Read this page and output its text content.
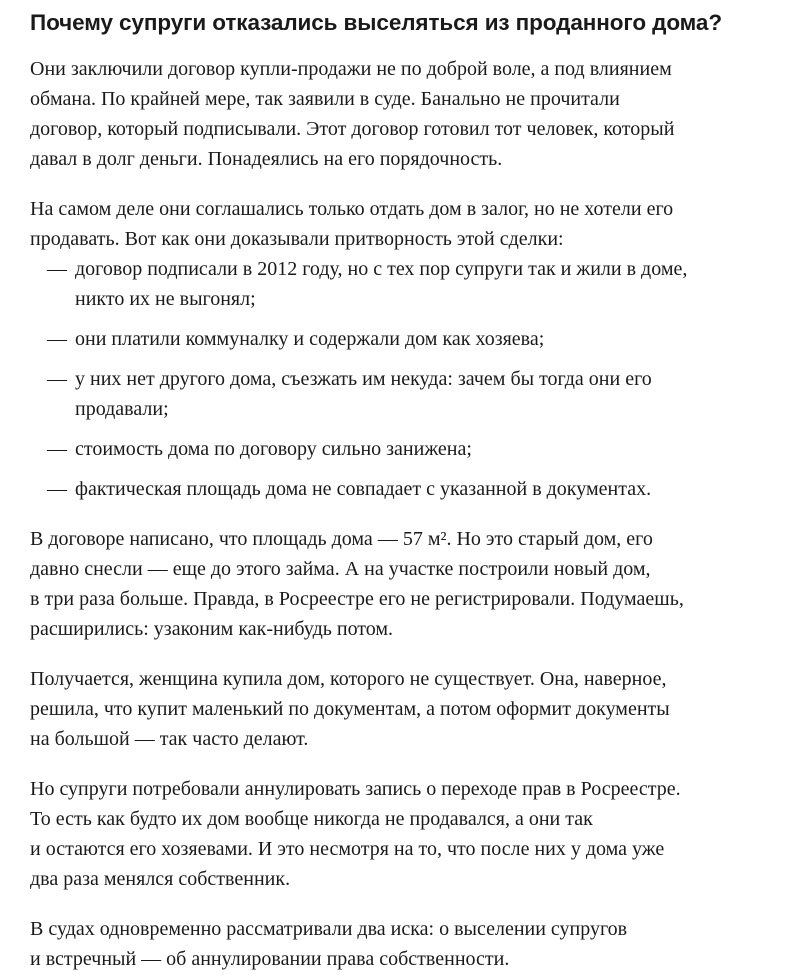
Почему супруги отказались выселяться из проданного дома?

Они заключили договор купли-продажи не по доброй воле, а под влиянием
обмана. По крайней мере, так заявили в суде. Банально не прочитали
договор, который подписывали. Этот договор готовил тот человек, который
давал в долг деньги. Понадеялись на его порядочность.

На самом деле они соглашались только отдать дом в залог, но не хотели его
продавать. Вот как они доказывали притворность этой сделки:

— договор подписали в 2012 году, но с тех пор супруги так и жили в доме,
никто их не выгонял;
— они платили коммуналку и содержали дом как хозяева;
— у них нет другого дома, съезжать им некуда: зачем бы тогда они его
продавали;
— стоимость дома по договору сильно занижена;
— фактическая площадь дома не совпадает с указанной в документах.

В договоре написано, что площадь дома — 57 м². Но это старый дом, его
давно снесли — еще до этого займа. А на участке построили новый дом,
в три раза больше. Правда, в Росреестре его не регистрировали. Подумаешь,
расширились: узаконим как-нибудь потом.

Получается, женщина купила дом, которого не существует. Она, наверное,
решила, что купит маленький по документам, а потом оформит документы
на большой — так часто делают.

Но супруги потребовали аннулировать запись о переходе прав в Росреестре.
То есть как будто их дом вообще никогда не продавался, а они так
и остаются его хозяевами. И это несмотря на то, что после них у дома уже
два раза менялся собственник.

В судах одновременно рассматривали два иска: о выселении супругов
и встречный — об аннулировании права собственности.
